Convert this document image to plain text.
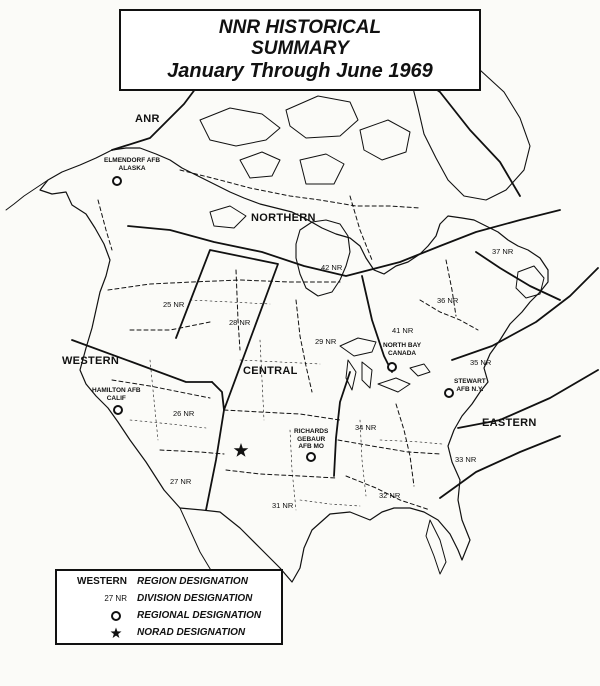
NNR HISTORICAL
SUMMARY
January Through June 1969
ANR
NORTHERN
WESTERN
CENTRAL
EASTERN
25 NR
26 NR
27 NR
28 NR
29 NR
31 NR
32 NR
33 NR
34 NR
35 NR
36 NR
37 NR
41 NR
42 NR
ELMENDORF AFB
ALASKA
NORTH BAY
CANADA
HAMILTON AFB
CALIF
RICHARDS
GEBAUR
AFB MO
STEWART
AFB N.Y.
WESTERN REGION DESIGNATION
27 NR DIVISION DESIGNATION
REGIONAL DESIGNATION
NORAD DESIGNATION
